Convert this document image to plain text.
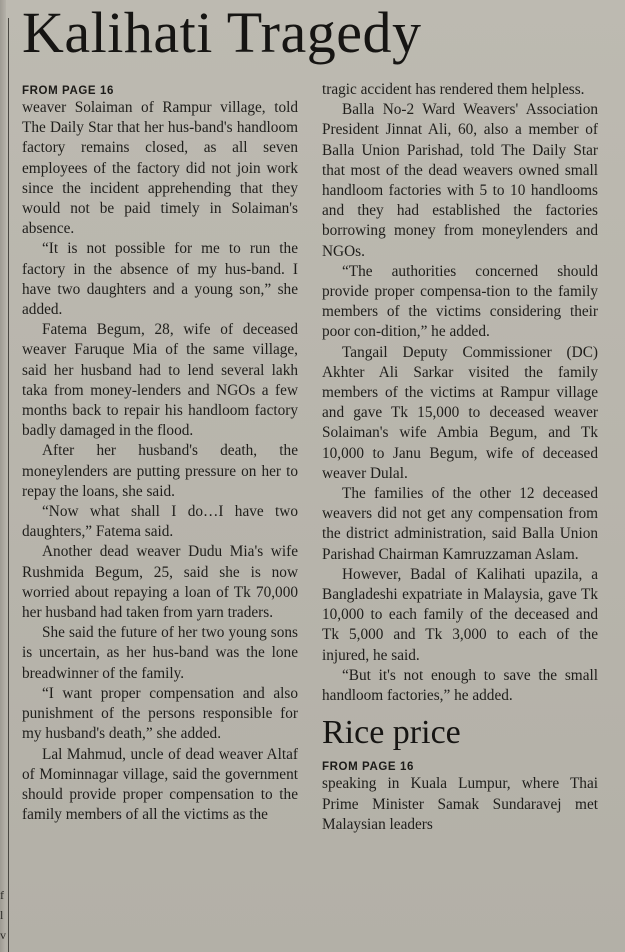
f
l
v
Kalihati Tragedy
FROM PAGE 16

weaver Solaiman of Rampur village, told The Daily Star that her hus-band's handloom factory remains closed, as all seven employees of the factory did not join work since the incident apprehending that they would not be paid timely in Solaiman's absence.

“It is not possible for me to run the factory in the absence of my hus-band. I have two daughters and a young son,” she added.

Fatema Begum, 28, wife of deceased weaver Faruque Mia of the same village, said her husband had to lend several lakh taka from money-lenders and NGOs a few months back to repair his handloom factory badly damaged in the flood.

After her husband's death, the moneylenders are putting pressure on her to repay the loans, she said.

“Now what shall I do…I have two daughters,” Fatema said.

Another dead weaver Dudu Mia's wife Rushmida Begum, 25, said she is now worried about repaying a loan of Tk 70,000 her husband had taken from yarn traders.

She said the future of her two young sons is uncertain, as her hus-band was the lone breadwinner of the family.

“I want proper compensation and also punishment of the persons responsible for my husband's death,” she added.

Lal Mahmud, uncle of dead weaver Altaf of Mominnagar village, said the government should provide proper compensation to the family members of all the victims as the

tragic accident has rendered them helpless.

Balla No-2 Ward Weavers' Association President Jinnat Ali, 60, also a member of Balla Union Parishad, told The Daily Star that most of the dead weavers owned small handloom factories with 5 to 10 handlooms and they had established the factories borrowing money from moneylenders and NGOs.

“The authorities concerned should provide proper compensa-tion to the family members of the victims considering their poor con-dition,” he added.

Tangail Deputy Commissioner (DC) Akhter Ali Sarkar visited the family members of the victims at Rampur village and gave Tk 15,000 to deceased weaver Solaiman's wife Ambia Begum, and Tk 10,000 to Janu Begum, wife of deceased weaver Dulal.

The families of the other 12 deceased weavers did not get any compensation from the district administration, said Balla Union Parishad Chairman Kamruzzaman Aslam.

However, Badal of Kalihati upazila, a Bangladeshi expatriate in Malaysia, gave Tk 10,000 to each family of the deceased and Tk 5,000 and Tk 3,000 to each of the injured, he said.

“But it's not enough to save the small handloom factories,” he added.

Rice price
FROM PAGE 16

speaking in Kuala Lumpur, where Thai Prime Minister Samak Sundaravej met Malaysian leaders
